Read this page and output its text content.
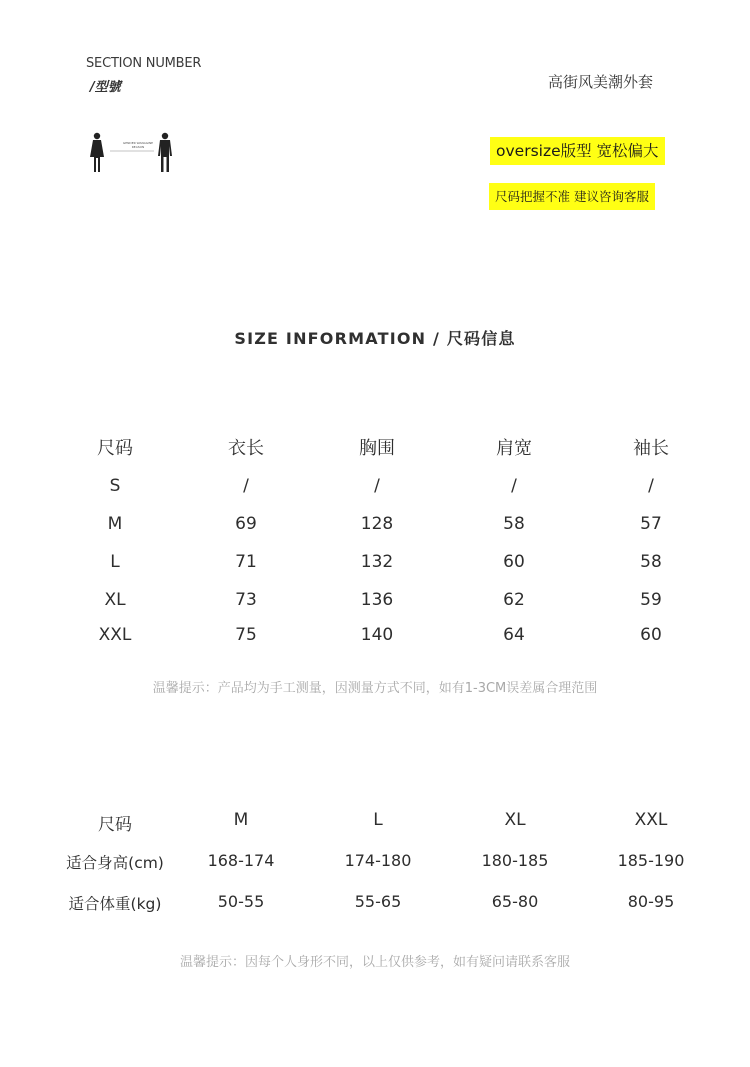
SECTION NUMBER
/型號	高街风美潮外套
GENDER WANAGINE REASON	oversize版型 宽松偏大
尺码把握不准 建议咨询客服
SIZE INFORMATION / 尺码信息
尺码	衣长	胸围	肩宽	袖长
S	/	/	/	/
M	69	128	58	57
L	71	132	60	58
XL	73	136	62	59
XXL	75	140	64	60
温馨提示：产品均为手工测量，因测量方式不同，如有1-3CM误差属合理范围
尺码	M	L	XL	XXL
适合身高(cm)	168-174	174-180	180-185	185-190
适合体重(kg)	50-55	55-65	65-80	80-95
温馨提示：因每个人身形不同，以上仅供参考，如有疑问请联系客服
